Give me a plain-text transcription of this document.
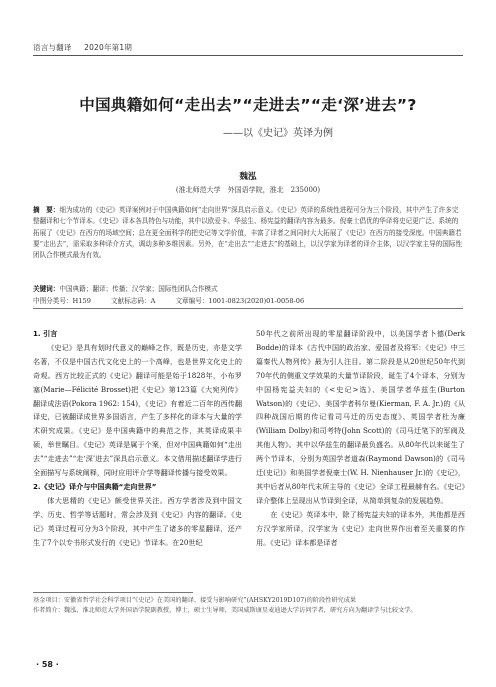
语言与翻译 2020年第1期
中国典籍如何“走出去”“走进去”“走‘深’进去”?
——以《史记》英译为例
魏泓
(淮北师范大学　外国语学院，淮北　235000)
摘　要：细为成功的《史记》英译案例对于中国典籍如何“走向世界”深具启示意义。《史记》英译的系统性进程可分为三个阶段，其中产生了许多完整翻译和七个节译本。《史记》译本各具特色与功能，其中以欧爱卡、华兹生、杨宪益的翻译内容为最多。倪豪士倡优的华译将史记更广泛、系统的拓展了《史记》在西方的场域空间；总在更全面科学的把史记等文学价值，丰富了译者之间同时大大拓展了《史记》在西方的接受深度。中国典籍若要“走出去”，需采取多种译介方式，调动多种多维因素。另外，在“走出去”“走进去”的基础上，以汉学家为译者的译介主体，以汉学家主导的国际性团队合作模式最为有效。
关键词：中国典籍；翻译；传播；汉学家；国际性团队合作模式
中图分类号：H159	文献标志码：A	文章编号：1001-0823(2020)01-0058-06

1. 引言

《史记》是具有划时代意义的巅峰之作，既是历史，亦是文学名著，不仅是中国古代文化史上的一个高峰，也是世界文化史上的奇观。西方比较正式的《史记》翻译可能是始于1828年，小布罗塞(Marie—Félicité Brosset)把《史记》第123篇《大宛列传》翻译成法语(Pokora 1962: 154)，《史记》有着近二百年的西传翻译史，已被翻译成世界多国语言，产生了多样化的译本与大量的学术研究成果。《史记》是中国典籍中的典范之作，其英译成果丰硕，举世瞩目。《史记》英译是属于个案，但对中国典籍如何“走出去”“走进去”“走‘深’进去”深具启示意义。本文借用描述翻译学进行全面描写与系统阐释，同时应用评介学等翻译传播与接受效果。

2.《史记》译介与中国典籍“走向世界”

体大思精的《史记》颇受世界关注。西方学者涉及到中国文学、历史、哲学等话题时，常会涉及到《史记》内容的翻译。《史记》英译过程可分为3个阶段，其中产生了诸多的零星翻译，还产生了7个以专书形式发行的《史记》节译本。在20世纪

50年代之前所出现的零星翻译阶段中，以美国学者卜德(Derk Bodde)的译本《古代中国的政治家、爱国者及将军：《史记》中三篇秦代人物列传》最为引人注目。第二阶段是从20世纪50年代到70年代的侧重文学效果的大量节译阶段，诞生了4个译本，分别为中国杨宪益夫妇的《<史记>选》、美国学者华兹生(Burton Watson)的《史记》、美国学者科尔曼(Kierman, F. A. Jr.)的《从四种战国后期的传记看司马迁的历史态度》、英国学者杜为廉(William Dolby)和司考特(John Scott)的《司马迁笔下的军阀及其他人物》。其中以华兹生的翻译最负盛名。从80年代以来诞生了两个节译本，分别为英国学者道森(Raymond Dawson)的《司马迁(史记)》和美国学者倪豪士(W. H. Nienhauser Jr.)的《史记》，其中后者从80年代末所主导的《史记》全译工程最赫有名。《史记》译介整体上呈现出从节译到全译，从简单到复杂的发展趋势。

在《史记》英译本中，除了杨宪益夫妇的译本外，其他都是西方汉学家所译，汉学家为《史记》走向世界作出着至关重要的作用。《史记》译本都是译者

基金项目：安徽省哲学社会科学项目“《史记》在美国的翻译、接受与影响研究”(AHSKY2019D107)的阶段性研究成果
作者简介：魏泓，淮北师范大学外国语学院副教授，博士，硕士生导师，美国威斯康星麦迪逊大学访问学者，研究方向为翻译学与比较文学。
· 58 ·
